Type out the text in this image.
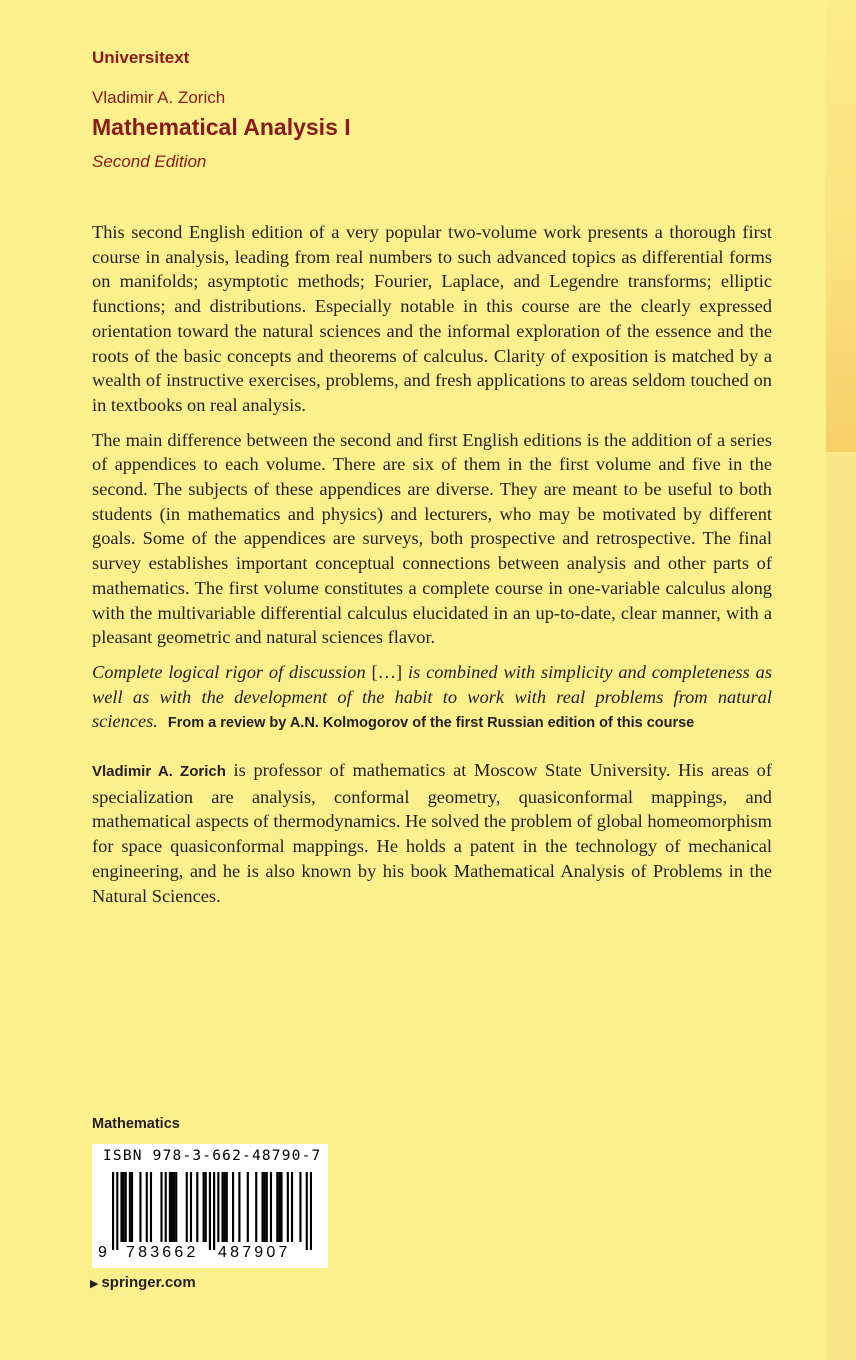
Universitext
Vladimir A. Zorich
Mathematical Analysis I
Second Edition

This second English edition of a very popular two-volume work presents a thorough first course in analysis, leading from real numbers to such advanced topics as differential forms on manifolds; asymptotic methods; Fourier, Laplace, and Legendre transforms; elliptic functions; and distributions. Especially notable in this course are the clearly expressed orientation toward the natural sciences and the informal exploration of the essence and the roots of the basic concepts and theorems of calculus. Clarity of exposition is matched by a wealth of instructive exercises, problems, and fresh applications to areas seldom touched on in textbooks on real analysis.

The main difference between the second and first English editions is the addition of a series of appendices to each volume. There are six of them in the first volume and five in the second. The subjects of these appendices are diverse. They are meant to be useful to both students (in mathematics and physics) and lecturers, who may be motivated by different goals. Some of the appendices are surveys, both prospective and retrospective. The final survey establishes important conceptual connections between analysis and other parts of mathematics. The first volume constitutes a complete course in one-variable calculus along with the multivariable differential calculus elucidated in an up-to-date, clear manner, with a pleasant geometric and natural sciences flavor.

Complete logical rigor of discussion […] is combined with simplicity and completeness as well as with the development of the habit to work with real problems from natural sciences. From a review by A.N. Kolmogorov of the first Russian edition of this course

Vladimir A. Zorich is professor of mathematics at Moscow State University. His areas of specialization are analysis, conformal geometry, quasiconformal mappings, and mathematical aspects of thermodynamics. He solved the problem of global homeomorphism for space quasiconformal mappings. He holds a patent in the technology of mechanical engineering, and he is also known by his book Mathematical Analysis of Problems in the Natural Sciences.

Mathematics
ISBN 978-3-662-48790-7
9 783662 487907
▶ springer.com
